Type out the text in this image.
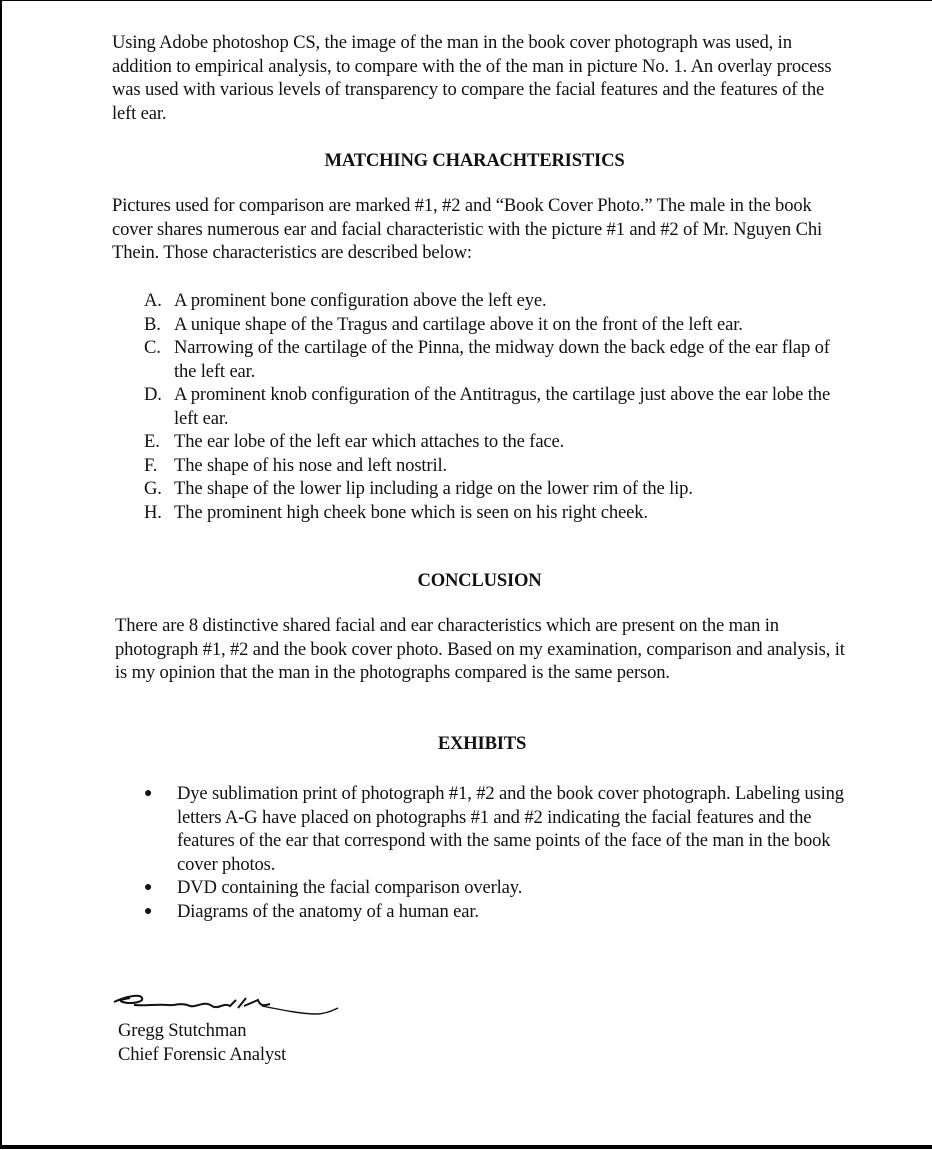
Using Adobe photoshop CS, the image of the man in the book cover photograph was used, in addition to empirical analysis, to compare with the of the man in picture No. 1. An overlay process was used with various levels of transparency to compare the facial features and the features of the left ear.

MATCHING CHARACHTERISTICS

Pictures used for comparison are marked #1, #2 and “Book Cover Photo.” The male in the book cover shares numerous ear and facial characteristic with the picture #1 and #2 of Mr. Nguyen Chi Thein. Those characteristics are described below:

A. A prominent bone configuration above the left eye.
B. A unique shape of the Tragus and cartilage above it on the front of the left ear.
C. Narrowing of the cartilage of the Pinna, the midway down the back edge of the ear flap of the left ear.
D. A prominent knob configuration of the Antitragus, the cartilage just above the ear lobe the left ear.
E. The ear lobe of the left ear which attaches to the face.
F. The shape of his nose and left nostril.
G. The shape of the lower lip including a ridge on the lower rim of the lip.
H. The prominent high cheek bone which is seen on his right cheek.
CONCLUSION

There are 8 distinctive shared facial and ear characteristics which are present on the man in photograph #1, #2 and the book cover photo. Based on my examination, comparison and analysis, it is my opinion that the man in the photographs compared is the same person.

EXHIBITS
●	Dye sublimation print of photograph #1, #2 and the book cover photograph. Labeling using letters A-G have placed on photographs #1 and #2 indicating the facial features and the features of the ear that correspond with the same points of the face of the man in the book cover photos.
●	DVD containing the facial comparison overlay.
●	Diagrams of the anatomy of a human ear.
Gregg Stutchman
Chief Forensic Analyst
